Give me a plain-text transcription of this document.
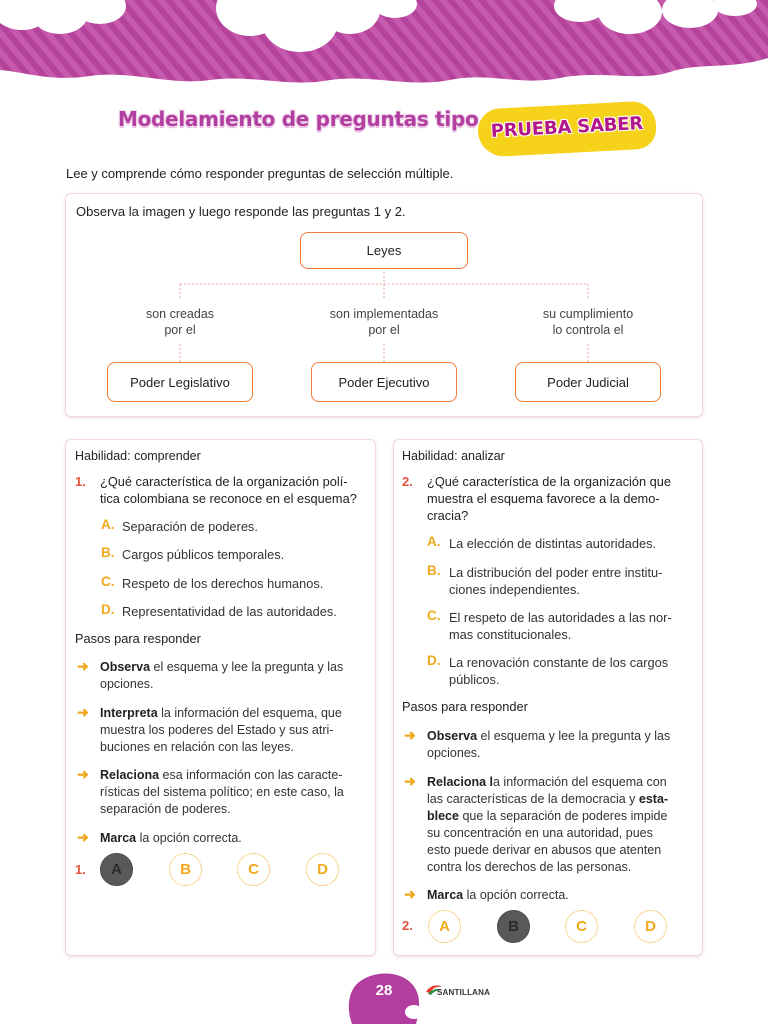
PRUEBA SABER
Modelamiento de preguntas tipo
Lee y comprende cómo responder preguntas de selección múltiple.
Observa la imagen y luego responde las preguntas 1 y 2.
Leyes
son creadas
por el
son implementadas
por el
su cumplimiento
lo controla el
Poder Legislativo	Poder Ejecutivo	Poder Judicial
Habilidad: comprender
1. ¿Qué característica de la organización polí-
tica colombiana se reconoce en el esquema?
A. Separación de poderes.
B. Cargos públicos temporales.
C. Respeto de los derechos humanos.
D. Representatividad de las autoridades.
Pasos para responder
➜ Observa el esquema y lee la pregunta y las
opciones.
➜ Interpreta la información del esquema, que
muestra los poderes del Estado y sus atri-
buciones en relación con las leyes.
➜ Relaciona esa información con las caracte-
rísticas del sistema político; en este caso, la
separación de poderes.
➜ Marca la opción correcta.
1.	A	B	C	D
Habilidad: analizar
2. ¿Qué característica de la organización que
muestra el esquema favorece a la demo-
cracia?
A. La elección de distintas autoridades.
B. La distribución del poder entre institu-
ciones independientes.
C. El respeto de las autoridades a las nor-
mas constitucionales.
D. La renovación constante de los cargos
públicos.
Pasos para responder
➜ Observa el esquema y lee la pregunta y las
opciones.
➜ Relaciona la información del esquema con
las características de la democracia y esta-
blece que la separación de poderes impide
su concentración en una autoridad, pues
esto puede derivar en abusos que atenten
contra los derechos de las personas.
➜ Marca la opción correcta.
2.	A	B	C	D
28	SANTILLANA
